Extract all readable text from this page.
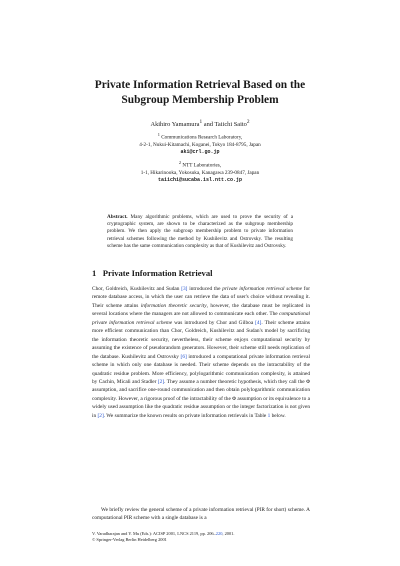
Private Information Retrieval Based on the
Subgroup Membership Problem
Akihiro Yamamura$^1$ and Taiichi Saito$^2$
$^1$ Communications Research Laboratory,
4-2-1, Nukui-Kitamachi, Koganei, Tokyo 184-8795, Japan
aki@crl.go.jp
$^2$ NTT Laboratories,
1-1, Hikarinooka, Yokosuka, Kanagawa 239-0847, Japan
taiichi@sucaba.isl.ntt.co.jp

Abstract. Many algorithmic problems, which are used to prove the security of a cryptographic system, are shown to be characterized as the subgroup membership problem. We then apply the subgroup membership problem to private information retrieval schemes following the method by Kushilevitz and Ostrovsky. The resulting scheme has the same communication complexity as that of Kushilevitz and Ostrovsky.

1 Private Information Retrieval

Chor, Goldreich, Kushilevitz and Sudan [3] introduced the private information retrieval scheme for remote database access, in which the user can retrieve the data of user's choice without revealing it. Their scheme attains information theoretic security, however, the database must be replicated in several locations where the managers are not allowed to communicate each other. The computational private information retrieval scheme was introduced by Chor and Gilboa [4]. Their scheme attains more efficient communication than Chor, Goldreich, Kushilevitz and Sudan's model by sacrificing the information theoretic security, nevertheless, their scheme enjoys computational security by assuming the existence of pseudorandom generators. However, their scheme still needs replication of the database. Kushilevitz and Ostrovsky [6] introduced a computational private information retrieval scheme in which only one database is needed. Their scheme depends on the intractability of the quadratic residue problem. More efficiency, polylogarithmic communication complexity, is attained by Cachin, Micali and Stadler [2]. They assume a number theoretic hypothesis, which they call the Φ assumption, and sacrifice one-round communication and then obtain polylogarithmic communication complexity. However, a rigorous proof of the intractability of the Φ assumption or its equivalence to a widely used assumption like the quadratic residue assumption or the integer factorization is not given in [2]. We summarize the known results on private information retrievals in Table 1 below.

We briefly review the general scheme of a private information retrieval (PIR for short) scheme. A computational PIR scheme with a single database is a

V. Varadharajan and Y. Mu (Eds.): ACISP 2001, LNCS 2119, pp. 206–220, 2001.
© Springer-Verlag Berlin Heidelberg 2001
